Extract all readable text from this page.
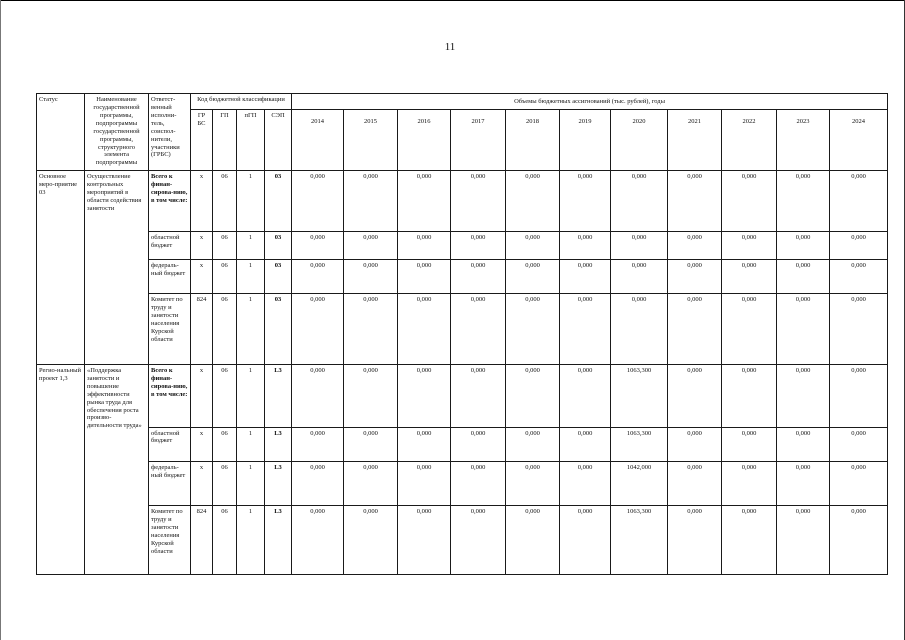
11
Статус	Наименование государственной программы, подпрограммы государственной программы, структурного элемента подпрограммы	Ответст-венный исполни-тель, соиспол-нители, участники (ГРБС)	Код бюджетной классификации				Объемы бюджетных ассигнований (тыс. рублей), годы										
			ГР БС	ГП	пГП	СЭП	2014	2015	2016	2017	2018	2019	2020	2021	2022	2023	2024
Основное меро-приятие 03	Осуществление контрольных мероприятий в области содействия занятости	Всего к финан-сирова-нию, в том числе:	х	06	1	03	0,000	0,000	0,000	0,000	0,000	0,000	0,000	0,000	0,000	0,000	0,000
		областной бюджет	х	06	1	03	0,000	0,000	0,000	0,000	0,000	0,000	0,000	0,000	0,000	0,000	0,000
		федераль-ный бюджет	х	06	1	03	0,000	0,000	0,000	0,000	0,000	0,000	0,000	0,000	0,000	0,000	0,000
		Комитет по труду и занятости населения Курской области	824	06	1	03	0,000	0,000	0,000	0,000	0,000	0,000	0,000	0,000	0,000	0,000	0,000
Регио-нальный проект 1,3	«Поддержка занятости и повышение эффективности рынка труда для обеспечения роста произво-дительности труда»	Всего к финан-сирова-нию, в том числе:	х	06	1	L3	0,000	0,000	0,000	0,000	0,000	0,000	1063,300	0,000	0,000	0,000	0,000
		областной бюджет	х	06	1	L3	0,000	0,000	0,000	0,000	0,000	0,000	1063,300	0,000	0,000	0,000	0,000
		федераль-ный бюджет	х	06	1	L3	0,000	0,000	0,000	0,000	0,000	0,000	1042,000	0,000	0,000	0,000	0,000
		Комитет по труду и занятости населения Курской области	824	06	1	L3	0,000	0,000	0,000	0,000	0,000	0,000	1063,300	0,000	0,000	0,000	0,000
